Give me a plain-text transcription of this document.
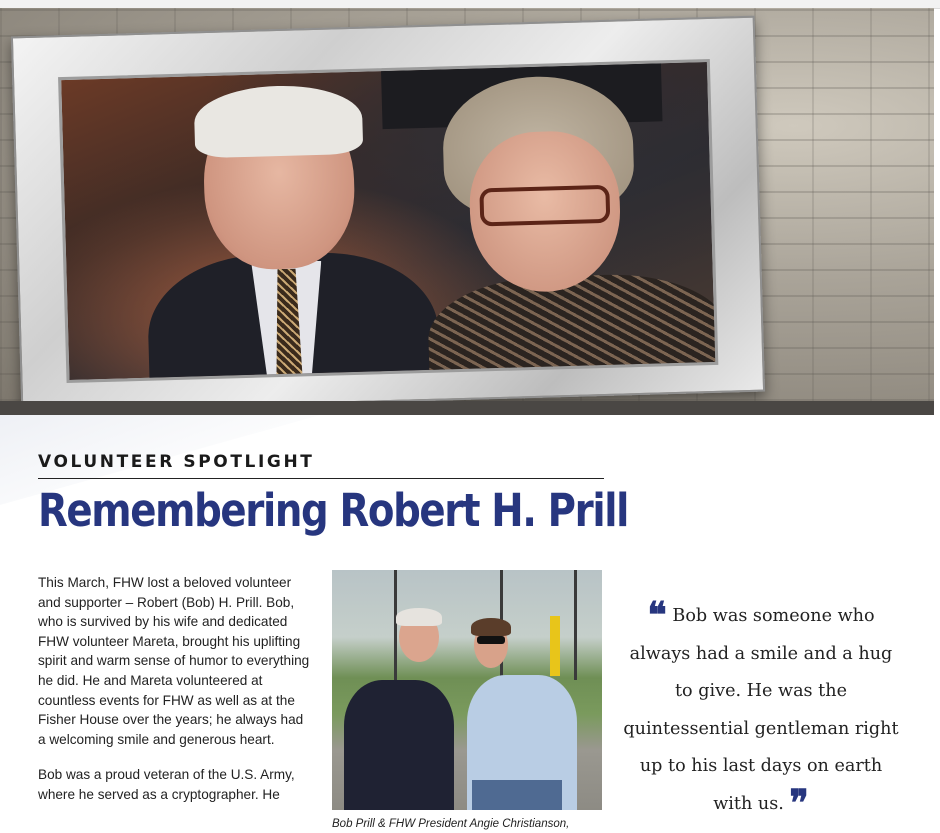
VOLUNTEER SPOTLIGHT
Remembering Robert H. Prill

This March, FHW lost a beloved volunteer and supporter – Robert (Bob) H. Prill. Bob, who is survived by his wife and dedicated FHW volunteer Mareta, brought his uplifting spirit and warm sense of humor to everything he did. He and Mareta volunteered at countless events for FHW as well as at the Fisher House over the years; he always had a welcoming smile and generous heart.

Bob was a proud veteran of the U.S. Army, where he served as a cryptographer. He

Bob Prill & FHW President Angie Christianson,
❝ Bob was someone who always had a smile and a hug to give. He was the quintessential gentleman right up to his last days on earth with us. ❞
